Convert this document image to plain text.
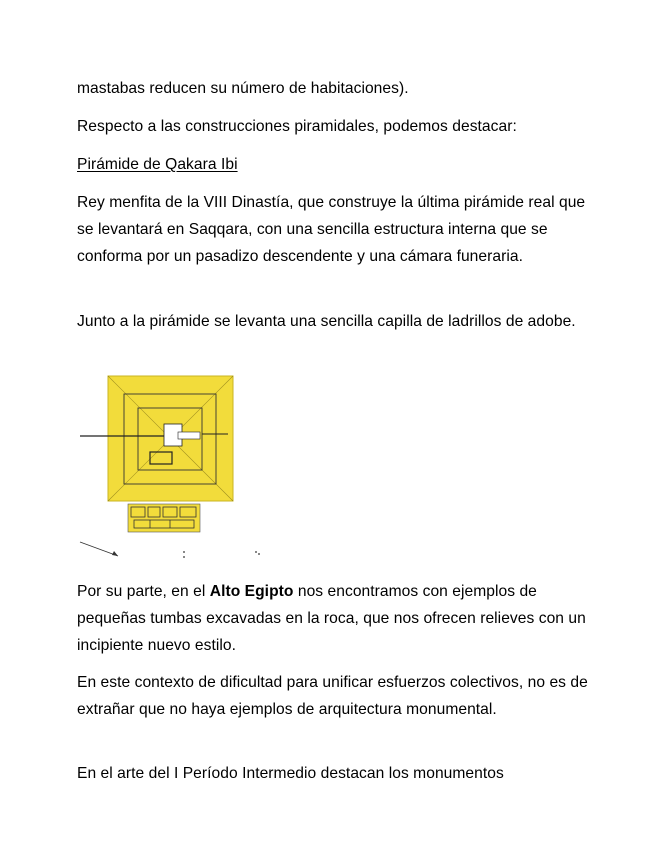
mastabas reducen su número de habitaciones).

Respecto a las construcciones piramidales, podemos destacar:

Pirámide de Qakara Ibi

Rey menfita de la VIII Dinastía, que construye la última pirámide real que se levantará en Saqqara, con una sencilla estructura interna que se conforma por un pasadizo descendente y una cámara funeraria.

Junto a la pirámide se levanta una sencilla capilla de ladrillos de adobe.

Por su parte, en el Alto Egipto nos encontramos con ejemplos de pequeñas tumbas excavadas en la roca, que nos ofrecen relieves con un incipiente nuevo estilo.

En este contexto de dificultad para unificar esfuerzos colectivos, no es de extrañar que no haya ejemplos de arquitectura monumental.

En el arte del I Período Intermedio destacan los monumentos
